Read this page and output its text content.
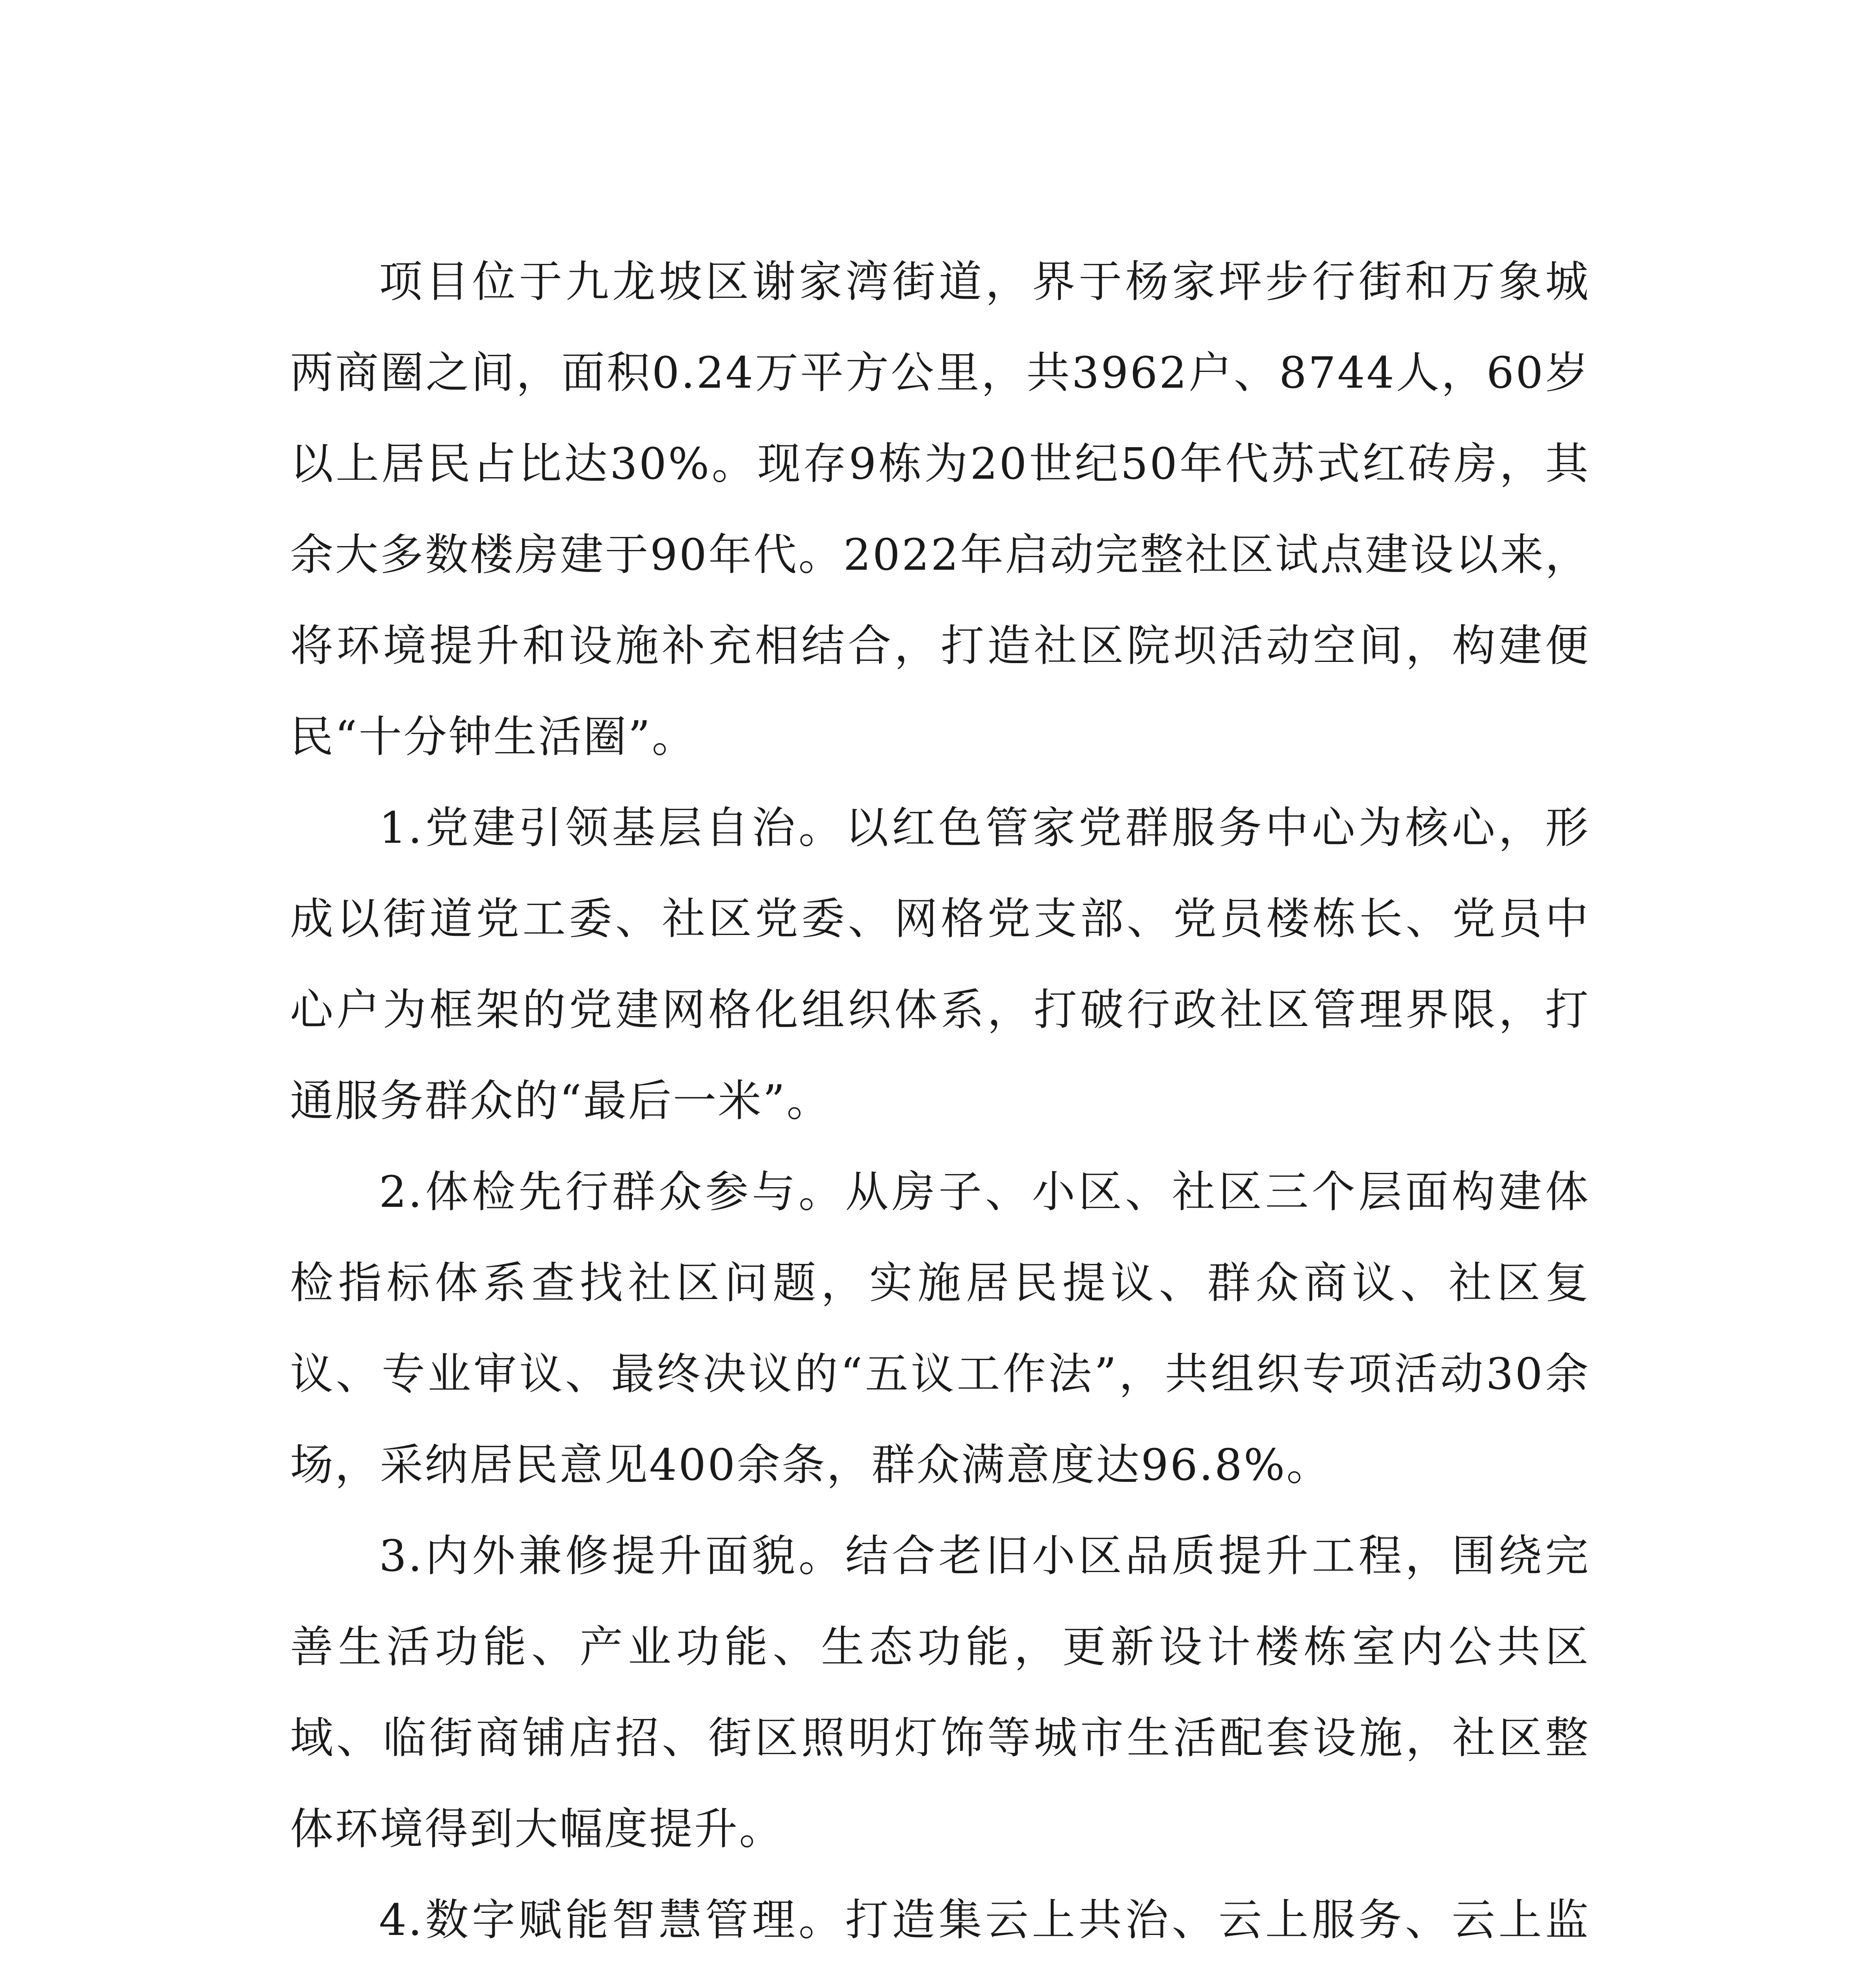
项目位于九龙坡区谢家湾街道，界于杨家坪步行街和万象城两商圈之间，面积0.24万平方公里，共3962户、8744人，60岁以上居民占比达30%。现存9栋为20世纪50年代苏式红砖房，其余大多数楼房建于90年代。2022年启动完整社区试点建设以来，将环境提升和设施补充相结合，打造社区院坝活动空间，构建便民“十分钟生活圈”。

1.党建引领基层自治。以红色管家党群服务中心为核心，形成以街道党工委、社区党委、网格党支部、党员楼栋长、党员中心户为框架的党建网格化组织体系，打破行政社区管理界限，打通服务群众的“最后一米”。

2.体检先行群众参与。从房子、小区、社区三个层面构建体检指标体系查找社区问题，实施居民提议、群众商议、社区复议、专业审议、最终决议的“五议工作法”，共组织专项活动30余场，采纳居民意见400余条，群众满意度达96.8%。

3.内外兼修提升面貌。结合老旧小区品质提升工程，围绕完善生活功能、产业功能、生态功能，更新设计楼栋室内公共区域、临街商铺店招、街区照明灯饰等城市生活配套设施，社区整体环境得到大幅度提升。

4.数字赋能智慧管理。打造集云上共治、云上服务、云上监
